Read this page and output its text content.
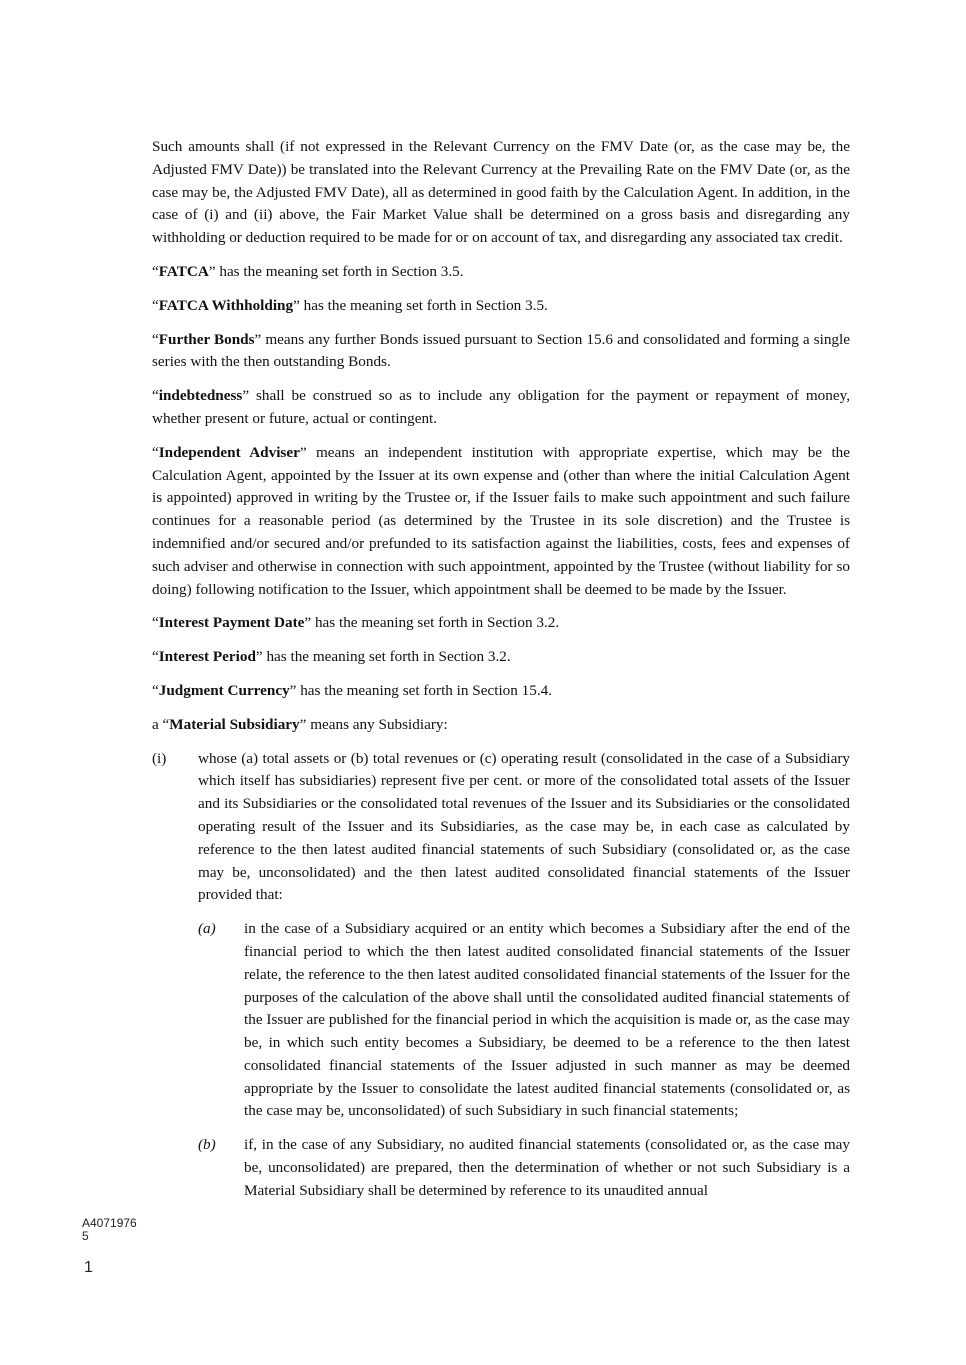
Such amounts shall (if not expressed in the Relevant Currency on the FMV Date (or, as the case may be, the Adjusted FMV Date)) be translated into the Relevant Currency at the Prevailing Rate on the FMV Date (or, as the case may be, the Adjusted FMV Date), all as determined in good faith by the Calculation Agent. In addition, in the case of (i) and (ii) above, the Fair Market Value shall be determined on a gross basis and disregarding any withholding or deduction required to be made for or on account of tax, and disregarding any associated tax credit.

“FATCA” has the meaning set forth in Section 3.5.

“FATCA Withholding” has the meaning set forth in Section 3.5.

“Further Bonds” means any further Bonds issued pursuant to Section 15.6 and consolidated and forming a single series with the then outstanding Bonds.

“indebtedness” shall be construed so as to include any obligation for the payment or repayment of money, whether present or future, actual or contingent.

“Independent Adviser” means an independent institution with appropriate expertise, which may be the Calculation Agent, appointed by the Issuer at its own expense and (other than where the initial Calculation Agent is appointed) approved in writing by the Trustee or, if the Issuer fails to make such appointment and such failure continues for a reasonable period (as determined by the Trustee in its sole discretion) and the Trustee is indemnified and/or secured and/or prefunded to its satisfaction against the liabilities, costs, fees and expenses of such adviser and otherwise in connection with such appointment, appointed by the Trustee (without liability for so doing) following notification to the Issuer, which appointment shall be deemed to be made by the Issuer.

“Interest Payment Date” has the meaning set forth in Section 3.2.

“Interest Period” has the meaning set forth in Section 3.2.

“Judgment Currency” has the meaning set forth in Section 15.4.

a “Material Subsidiary” means any Subsidiary:

(i) whose (a) total assets or (b) total revenues or (c) operating result (consolidated in the case of a Subsidiary which itself has subsidiaries) represent five per cent. or more of the consolidated total assets of the Issuer and its Subsidiaries or the consolidated total revenues of the Issuer and its Subsidiaries or the consolidated operating result of the Issuer and its Subsidiaries, as the case may be, in each case as calculated by reference to the then latest audited financial statements of such Subsidiary (consolidated or, as the case may be, unconsolidated) and the then latest audited consolidated financial statements of the Issuer provided that:

(a) in the case of a Subsidiary acquired or an entity which becomes a Subsidiary after the end of the financial period to which the then latest audited consolidated financial statements of the Issuer relate, the reference to the then latest audited consolidated financial statements of the Issuer for the purposes of the calculation of the above shall until the consolidated audited financial statements of the Issuer are published for the financial period in which the acquisition is made or, as the case may be, in which such entity becomes a Subsidiary, be deemed to be a reference to the then latest consolidated financial statements of the Issuer adjusted in such manner as may be deemed appropriate by the Issuer to consolidate the latest audited financial statements (consolidated or, as the case may be, unconsolidated) of such Subsidiary in such financial statements;

(b) if, in the case of any Subsidiary, no audited financial statements (consolidated or, as the case may be, unconsolidated) are prepared, then the determination of whether or not such Subsidiary is a Material Subsidiary shall be determined by reference to its unaudited annual

A4071976
5
1
